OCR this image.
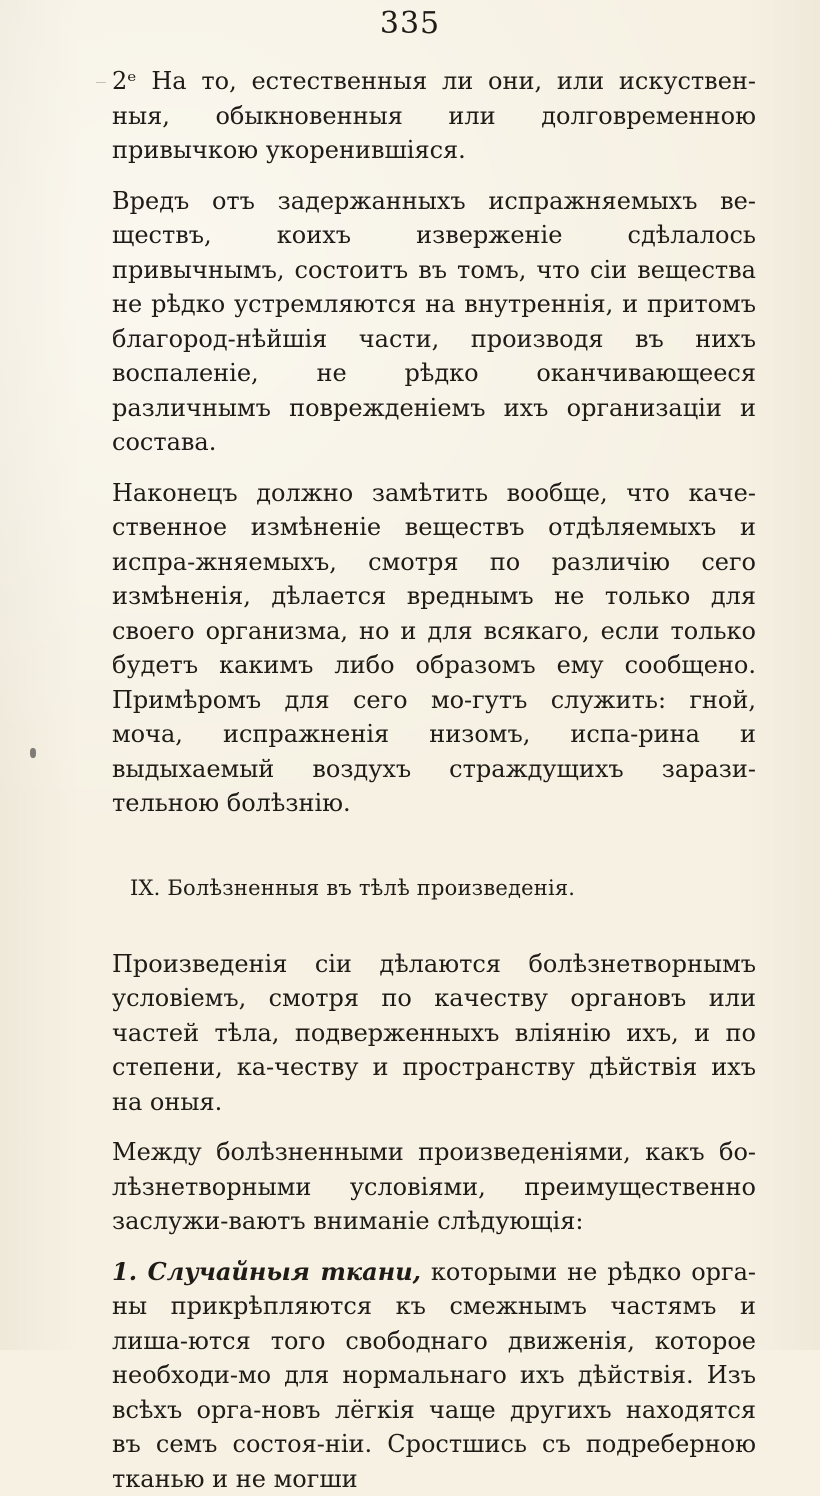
335

2ᵉ На то, естественныя ли они, или искуствен-ныя, обыкновенныя или долговременною привычкою укоренившіяся.

Вредъ отъ задержанныхъ испражняемыхъ ве-ществъ, коихъ изверженіе сдѣлалось привычнымъ, состоитъ въ томъ, что сіи вещества не рѣдко устремляются на внутреннія, и притомъ благород-нѣйшія части, производя въ нихъ воспаленіе, не рѣдко оканчивающееся различнымъ поврежденіемъ ихъ организаціи и состава.

Наконецъ должно замѣтить вообще, что каче-ственное измѣненіе веществъ отдѣляемыхъ и испра-жняемыхъ, смотря по различію сего измѣненія, дѣлается вреднымъ не только для своего организма, но и для всякаго, если только будетъ какимъ либо образомъ ему сообщено. Примѣромъ для сего мо-гутъ служить: гной, моча, испражненія низомъ, испа-рина и выдыхаемый воздухъ страждущихъ зарази-тельною болѣзнію.

IX. Болѣзненныя въ тѣлѣ произведенія.

Произведенія сіи дѣлаются болѣзнетворнымъ условіемъ, смотря по качеству органовъ или частей тѣла, подверженныхъ вліянію ихъ, и по степени, ка-честву и пространству дѣйствія ихъ на оныя.

Между болѣзненными произведеніями, какъ бо-лѣзнетворными условіями, преимущественно заслужи-ваютъ вниманіе слѣдующія:

1. Случайныя ткани, которыми не рѣдко орга-ны прикрѣпляются къ смежнымъ частямъ и лиша-ются того свободнаго движенія, которое необходи-мо для нормальнаго ихъ дѣйствія. Изъ всѣхъ орга-новъ лёгкія чаще другихъ находятся въ семъ состоя-ніи. Сростшись съ подреберною тканью и не могши
